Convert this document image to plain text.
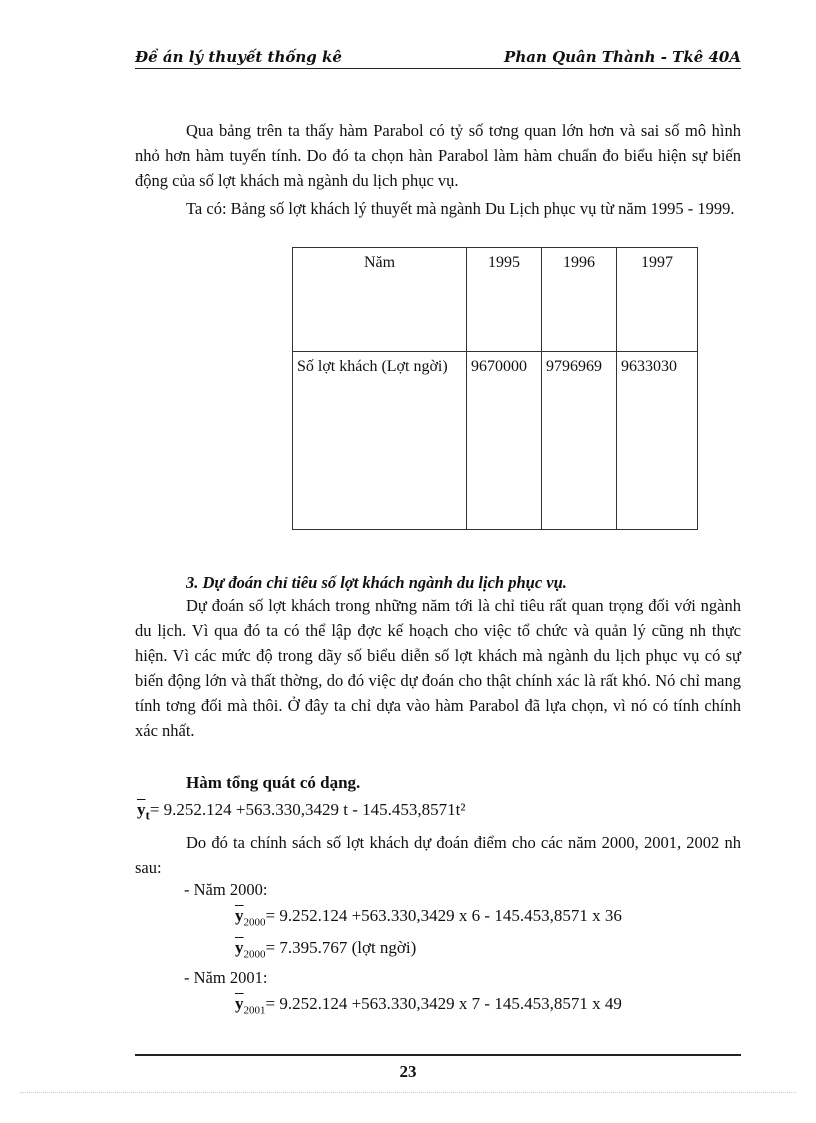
Đề án lý thuyết thống kê	Phan Quân Thành - Tkê 40A
Qua bảng trên ta thấy hàm Parabol có tỷ số tơng quan lớn hơn và sai số mô hình nhỏ hơn hàm tuyến tính. Do đó ta chọn hàn Parabol làm hàm chuẩn đo biểu hiện sự biến động của số lợt khách mà ngành du lịch phục vụ.
Ta có: Bảng số lợt khách lý thuyết mà ngành Du Lịch phục vụ từ năm 1995 - 1999.
Năm	1995	1996	1997
Số lợt khách (Lợt ngời)	9670000	9796969	9633030
3. Dự đoán chỉ tiêu số lợt khách ngành du lịch phục vụ.
Dự đoán số lợt khách trong những năm tới là chỉ tiêu rất quan trọng đối với ngành du lịch. Vì qua đó ta có thể lập đợc kế hoạch cho việc tổ chức và quản lý cũng nh thực hiện. Vì các mức độ trong dãy số biểu diễn số lợt khách mà ngành du lịch phục vụ có sự biến động lớn và thất thờng, do đó việc dự đoán cho thật chính xác là rất khó. Nó chỉ mang tính tơng đối mà thôi. Ở đây ta chỉ dựa vào hàm Parabol đã lựa chọn, vì nó có tính chính xác nhất.
Hàm tổng quát có dạng.
$\overline{y}_t= 9.252.124 +563.330,3429$ t - 145.453,8571t²
Do đó ta chính sách số lợt khách dự đoán điểm cho các năm 2000, 2001, 2002 nh sau:
- Năm 2000:
$\overline{y}_{2000}= 9.252.124 +563.330,3429$ x 6 - 145.453,8571 x 36
$\overline{y}_{2000}= 7.395.767$ (lợt ngời)
- Năm 2001:
$\overline{y}_{2001}= 9.252.124 +563.330,3429$ x 7 - 145.453,8571 x 49
23
